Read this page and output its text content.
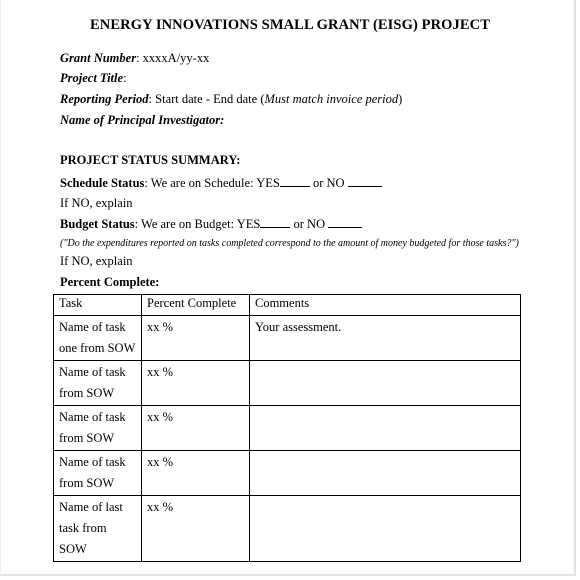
ENERGY INNOVATIONS SMALL GRANT (EISG) PROJECT
Grant Number: xxxxA/yy-xx
Project Title:
Reporting Period: Start date - End date (Must match invoice period)
Name of Principal Investigator:
PROJECT STATUS SUMMARY:
Schedule Status: We are on Schedule: YES or NO
If NO, explain
Budget Status: We are on Budget: YES or NO
("Do the expenditures reported on tasks completed correspond to the amount of money budgeted for those tasks?")
If NO, explain
Percent Complete:
Task	Percent Complete	Comments
Name of task one from SOW	xx %	Your assessment.
Name of task from SOW	xx %	
Name of task from SOW	xx %	
Name of task from SOW	xx %	
Name of last task from SOW	xx %	
